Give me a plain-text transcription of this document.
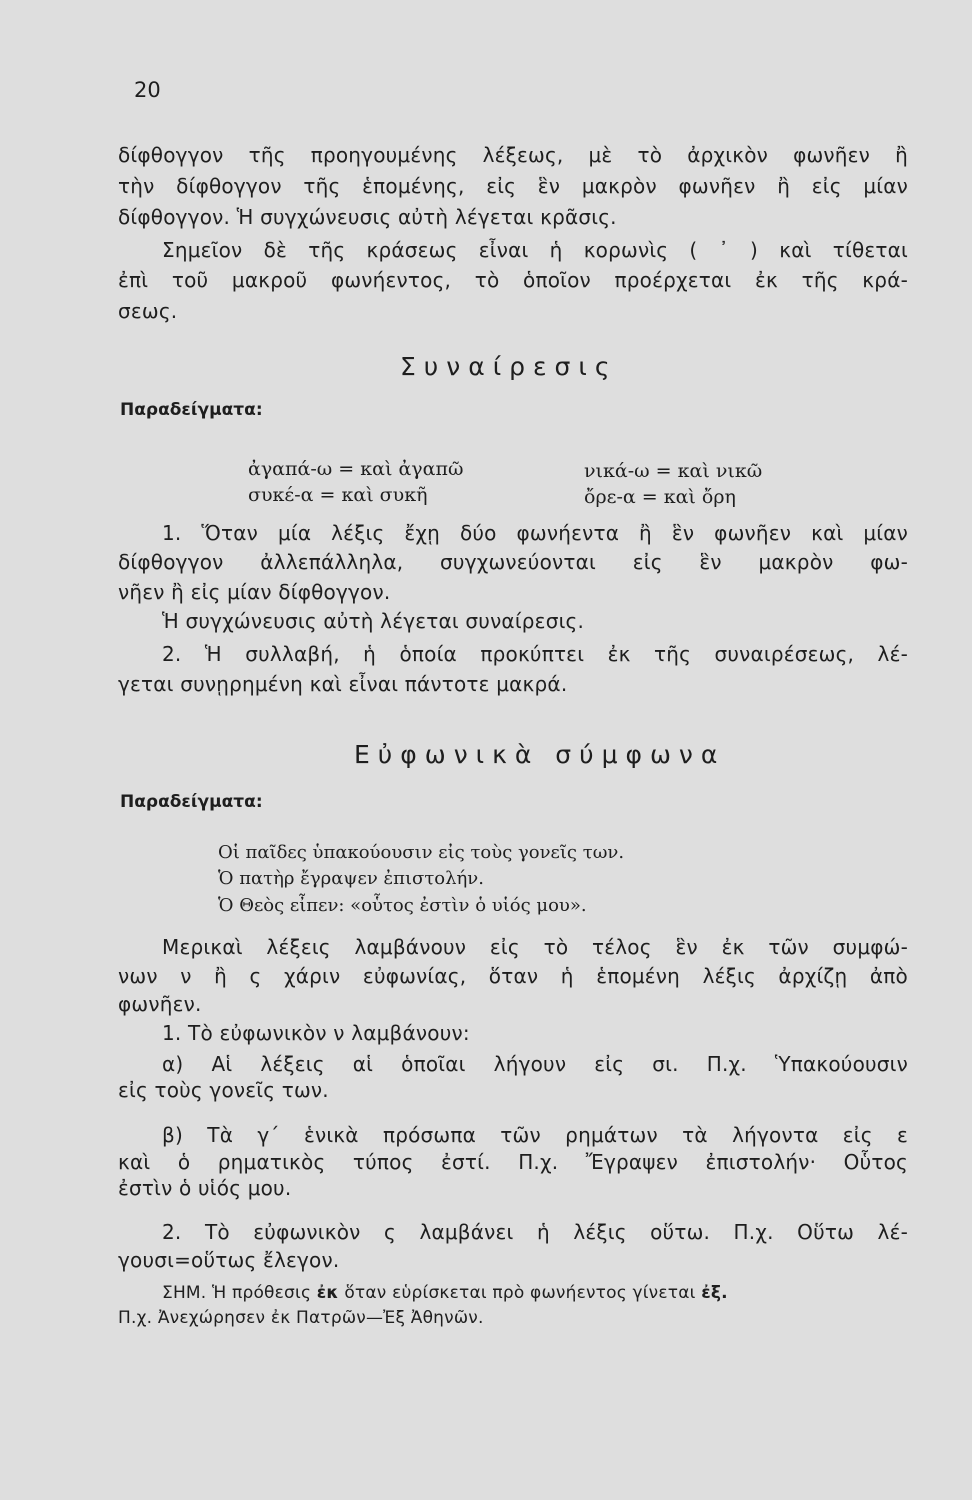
20
δίφθογγον τῆς προηγουμένης λέξεως, μὲ τὸ ἀρχικὸν φωνῆεν ἢ
τὴν δίφθογγον τῆς ἑπομένης, εἰς ἓν μακρὸν φωνῆεν ἢ εἰς μίαν
δίφθογγον. Ἡ συγχώνευσις αὐτὴ λέγεται κρᾶσις.
Σημεῖον δὲ τῆς κράσεως εἶναι ἡ κορωνὶς ( ᾿ ) καὶ τίθεται
ἐπὶ τοῦ μακροῦ φωνήεντος, τὸ ὁποῖον προέρχεται ἐκ τῆς κρά-
σεως.
Συναίρεσις
Παραδείγματα:
ἀγαπά-ω = καὶ ἀγαπῶ
συκέ-α = καὶ συκῆ
νικά-ω = καὶ νικῶ
ὄρε-α = καὶ ὄρη
1. Ὅταν μία λέξις ἔχῃ δύο φωνήεντα ἢ ἓν φωνῆεν καὶ μίαν
δίφθογγον ἀλλεπάλληλα, συγχωνεύονται εἰς ἓν μακρὸν φω-
νῆεν ἢ εἰς μίαν δίφθογγον.
Ἡ συγχώνευσις αὐτὴ λέγεται συναίρεσις.
2. Ἡ συλλαβή, ἡ ὁποία προκύπτει ἐκ τῆς συναιρέσεως, λέ-
γεται συνῃρημένη καὶ εἶναι πάντοτε μακρά.
Εὐφωνικὰ σύμφωνα
Παραδείγματα:
Οἱ παῖδες ὑπακούουσιν εἰς τοὺς γονεῖς των.
Ὁ πατὴρ ἔγραψεν ἐπιστολήν.
Ὁ Θεὸς εἶπεν: «οὗτος ἐστὶν ὁ υἱός μου».
Μερικαὶ λέξεις λαμβάνουν εἰς τὸ τέλος ἓν ἐκ τῶν συμφώ-
νων ν ἢ ς χάριν εὐφωνίας, ὅταν ἡ ἑπομένη λέξις ἀρχίζῃ ἀπὸ
φωνῆεν.
1. Τὸ εὐφωνικὸν ν λαμβάνουν:
α) Αἱ λέξεις αἱ ὁποῖαι λήγουν εἰς σι. Π.χ. Ὑπακούουσιν
εἰς τοὺς γονεῖς των.
β) Τὰ γ΄ ἑνικὰ πρόσωπα τῶν ρημάτων τὰ λήγοντα εἰς ε
καὶ ὁ ρηματικὸς τύπος ἐστί. Π.χ. Ἔγραψεν ἐπιστολήν· Οὗτος
ἐστὶν ὁ υἱός μου.
2. Τὸ εὐφωνικὸν ς λαμβάνει ἡ λέξις οὕτω. Π.χ. Οὕτω λέ-
γουσι=οὕτως ἔλεγον.
ΣΗΜ. Ἡ πρόθεσις ἐκ ὅταν εὑρίσκεται πρὸ φωνήεντος γίνεται ἐξ.
Π.χ. Ἀνεχώρησεν ἐκ Πατρῶν—Ἐξ Ἀθηνῶν.
